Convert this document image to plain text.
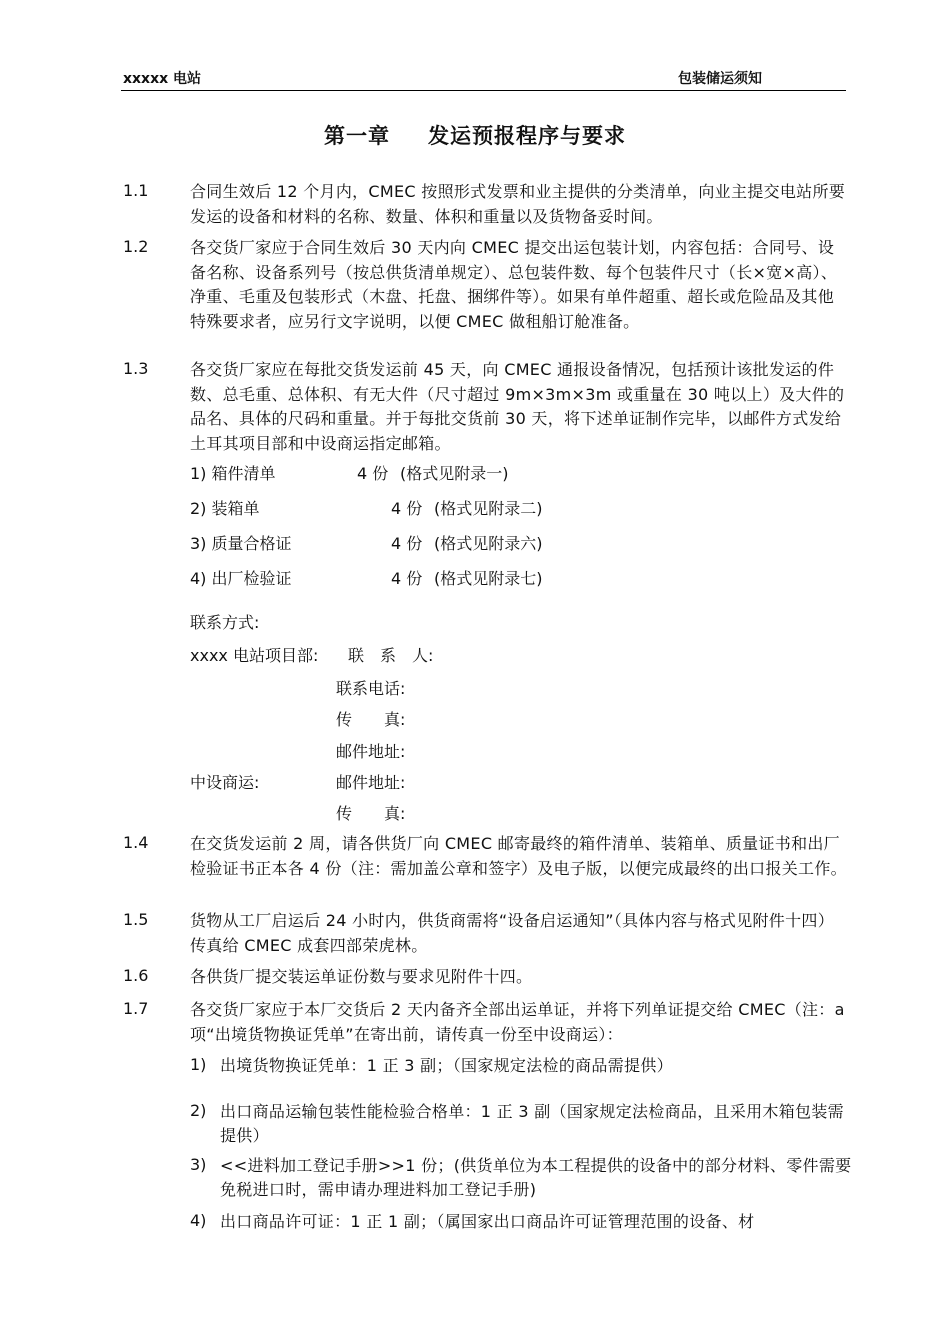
xxxxx 电站	包装储运须知
第一章 发运预报程序与要求
1.1	合同生效后 12 个月内，CMEC 按照形式发票和业主提供的分类清单，向业主提交电站所要发运的设备和材料的名称、数量、体积和重量以及货物备妥时间。
1.2	各交货厂家应于合同生效后 30 天内向 CMEC 提交出运包装计划，内容包括：合同号、设备名称、设备系列号（按总供货清单规定）、总包装件数、每个包装件尺寸（长×宽×高）、净重、毛重及包装形式（木盘、托盘、捆绑件等）。如果有单件超重、超长或危险品及其他特殊要求者，应另行文字说明，以便 CMEC 做租船订舱准备。
1.3	各交货厂家应在每批交货发运前 45 天，向 CMEC 通报设备情况，包括预计该批发运的件数、总毛重、总体积、有无大件（尺寸超过 9m×3m×3m 或重量在 30 吨以上）及大件的品名、具体的尺码和重量。并于每批交货前 30 天，将下述单证制作完毕，以邮件方式发给土耳其项目部和中设商运指定邮箱。
1) 箱件清单	4 份 (格式见附录一)
2) 装箱单	4 份 (格式见附录二)
3) 质量合格证	4 份 (格式见附录六)
4) 出厂检验证	4 份 (格式见附录七)
联系方式:
xxxx 电站项目部: 联　系　人:
联系电话:
传　　真:
邮件地址:
中设商运:	邮件地址:
传　　真:
1.4	在交货发运前 2 周，请各供货厂向 CMEC 邮寄最终的箱件清单、装箱单、质量证书和出厂检验证书正本各 4 份（注：需加盖公章和签字）及电子版，以便完成最终的出口报关工作。
1.5	货物从工厂启运后 24 小时内，供货商需将“设备启运通知”（具体内容与格式见附件十四）传真给 CMEC 成套四部荣虎林。
1.6	各供货厂提交装运单证份数与要求见附件十四。
1.7	各交货厂家应于本厂交货后 2 天内备齐全部出运单证，并将下列单证提交给 CMEC（注：a 项“出境货物换证凭单”在寄出前，请传真一份至中设商运）：
1) 出境货物换证凭单：1 正 3 副；（国家规定法检的商品需提供）
2) 出口商品运输包装性能检验合格单：1 正 3 副（国家规定法检商品，且采用木箱包装需提供）
3) <<进料加工登记手册>>1 份；(供货单位为本工程提供的设备中的部分材料、零件需要免税进口时，需申请办理进料加工登记手册)
4) 出口商品许可证：1 正 1 副；（属国家出口商品许可证管理范围的设备、材
